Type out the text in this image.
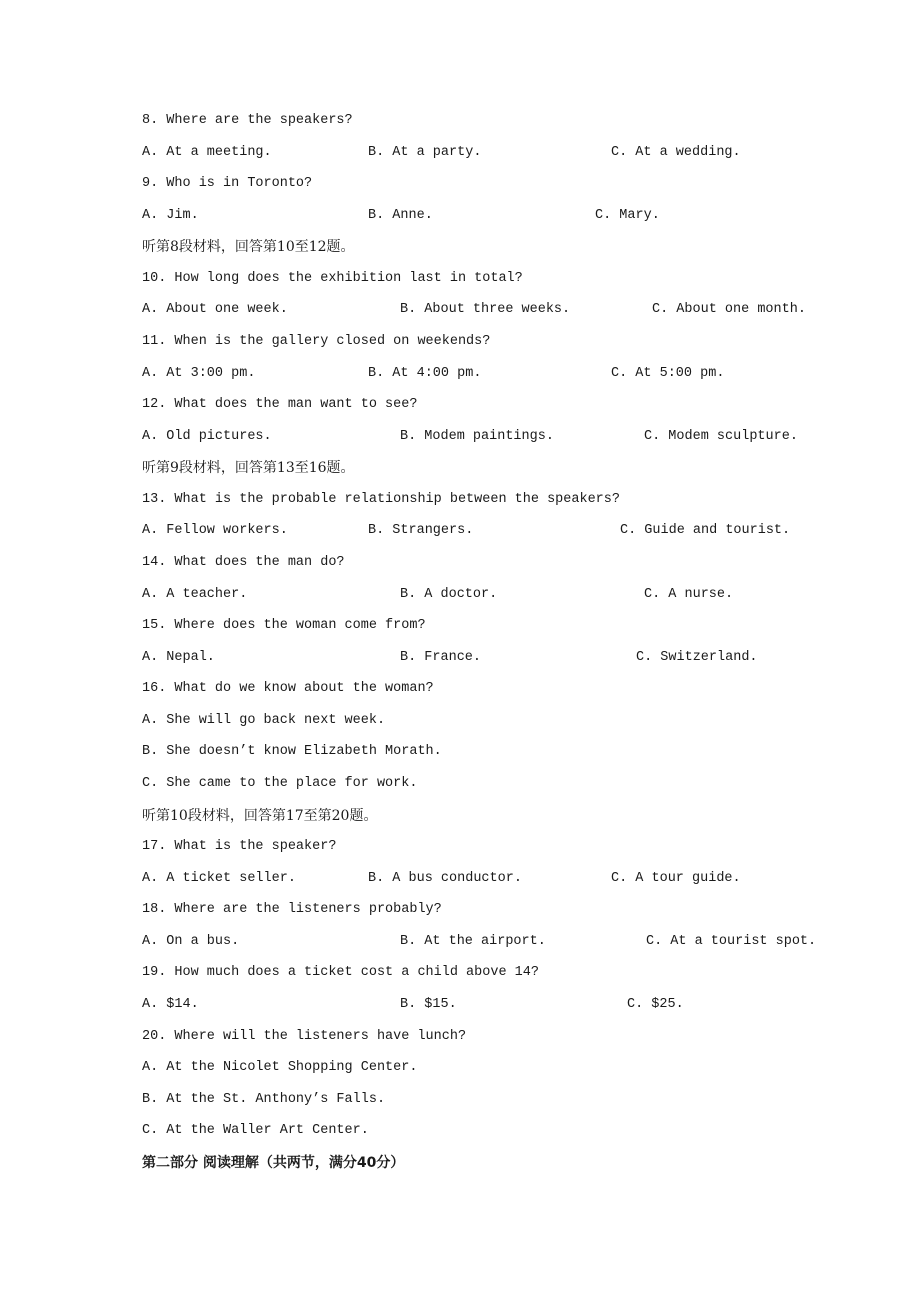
8. Where are the speakers?
A. At a meeting.	B. At a party.	C. At a wedding.
9. Who is in Toronto?
A. Jim.	B. Anne.	C. Mary.
听第8段材料，回答第10至12题。
10. How long does the exhibition last in total?
A. About one week.	B. About three weeks.	C. About one month.
11. When is the gallery closed on weekends?
A. At 3:00 pm.	B. At 4:00 pm.	C. At 5:00 pm.
12. What does the man want to see?
A. Old pictures.	B. Modem paintings.	C. Modem sculpture.
听第9段材料，回答第13至16题。
13. What is the probable relationship between the speakers?
A. Fellow workers.	B. Strangers.	C. Guide and tourist.
14. What does the man do?
A. A teacher.	B. A doctor.	C. A nurse.
15. Where does the woman come from?
A. Nepal.	B. France.	C. Switzerland.
16. What do we know about the woman?
A. She will go back next week.
B. She doesn’t know Elizabeth Morath.
C. She came to the place for work.
听第10段材料，回答第17至第20题。
17. What is the speaker?
A. A ticket seller.	B. A bus conductor.	C. A tour guide.
18. Where are the listeners probably?
A. On a bus.	B. At the airport.	C. At a tourist spot.
19. How much does a ticket cost a child above 14?
A. $14.	B. $15.	C. $25.
20. Where will the listeners have lunch?
A. At the Nicolet Shopping Center.
B. At the St. Anthony’s Falls.
C. At the Waller Art Center.
第二部分 阅读理解（共两节，满分40分）
